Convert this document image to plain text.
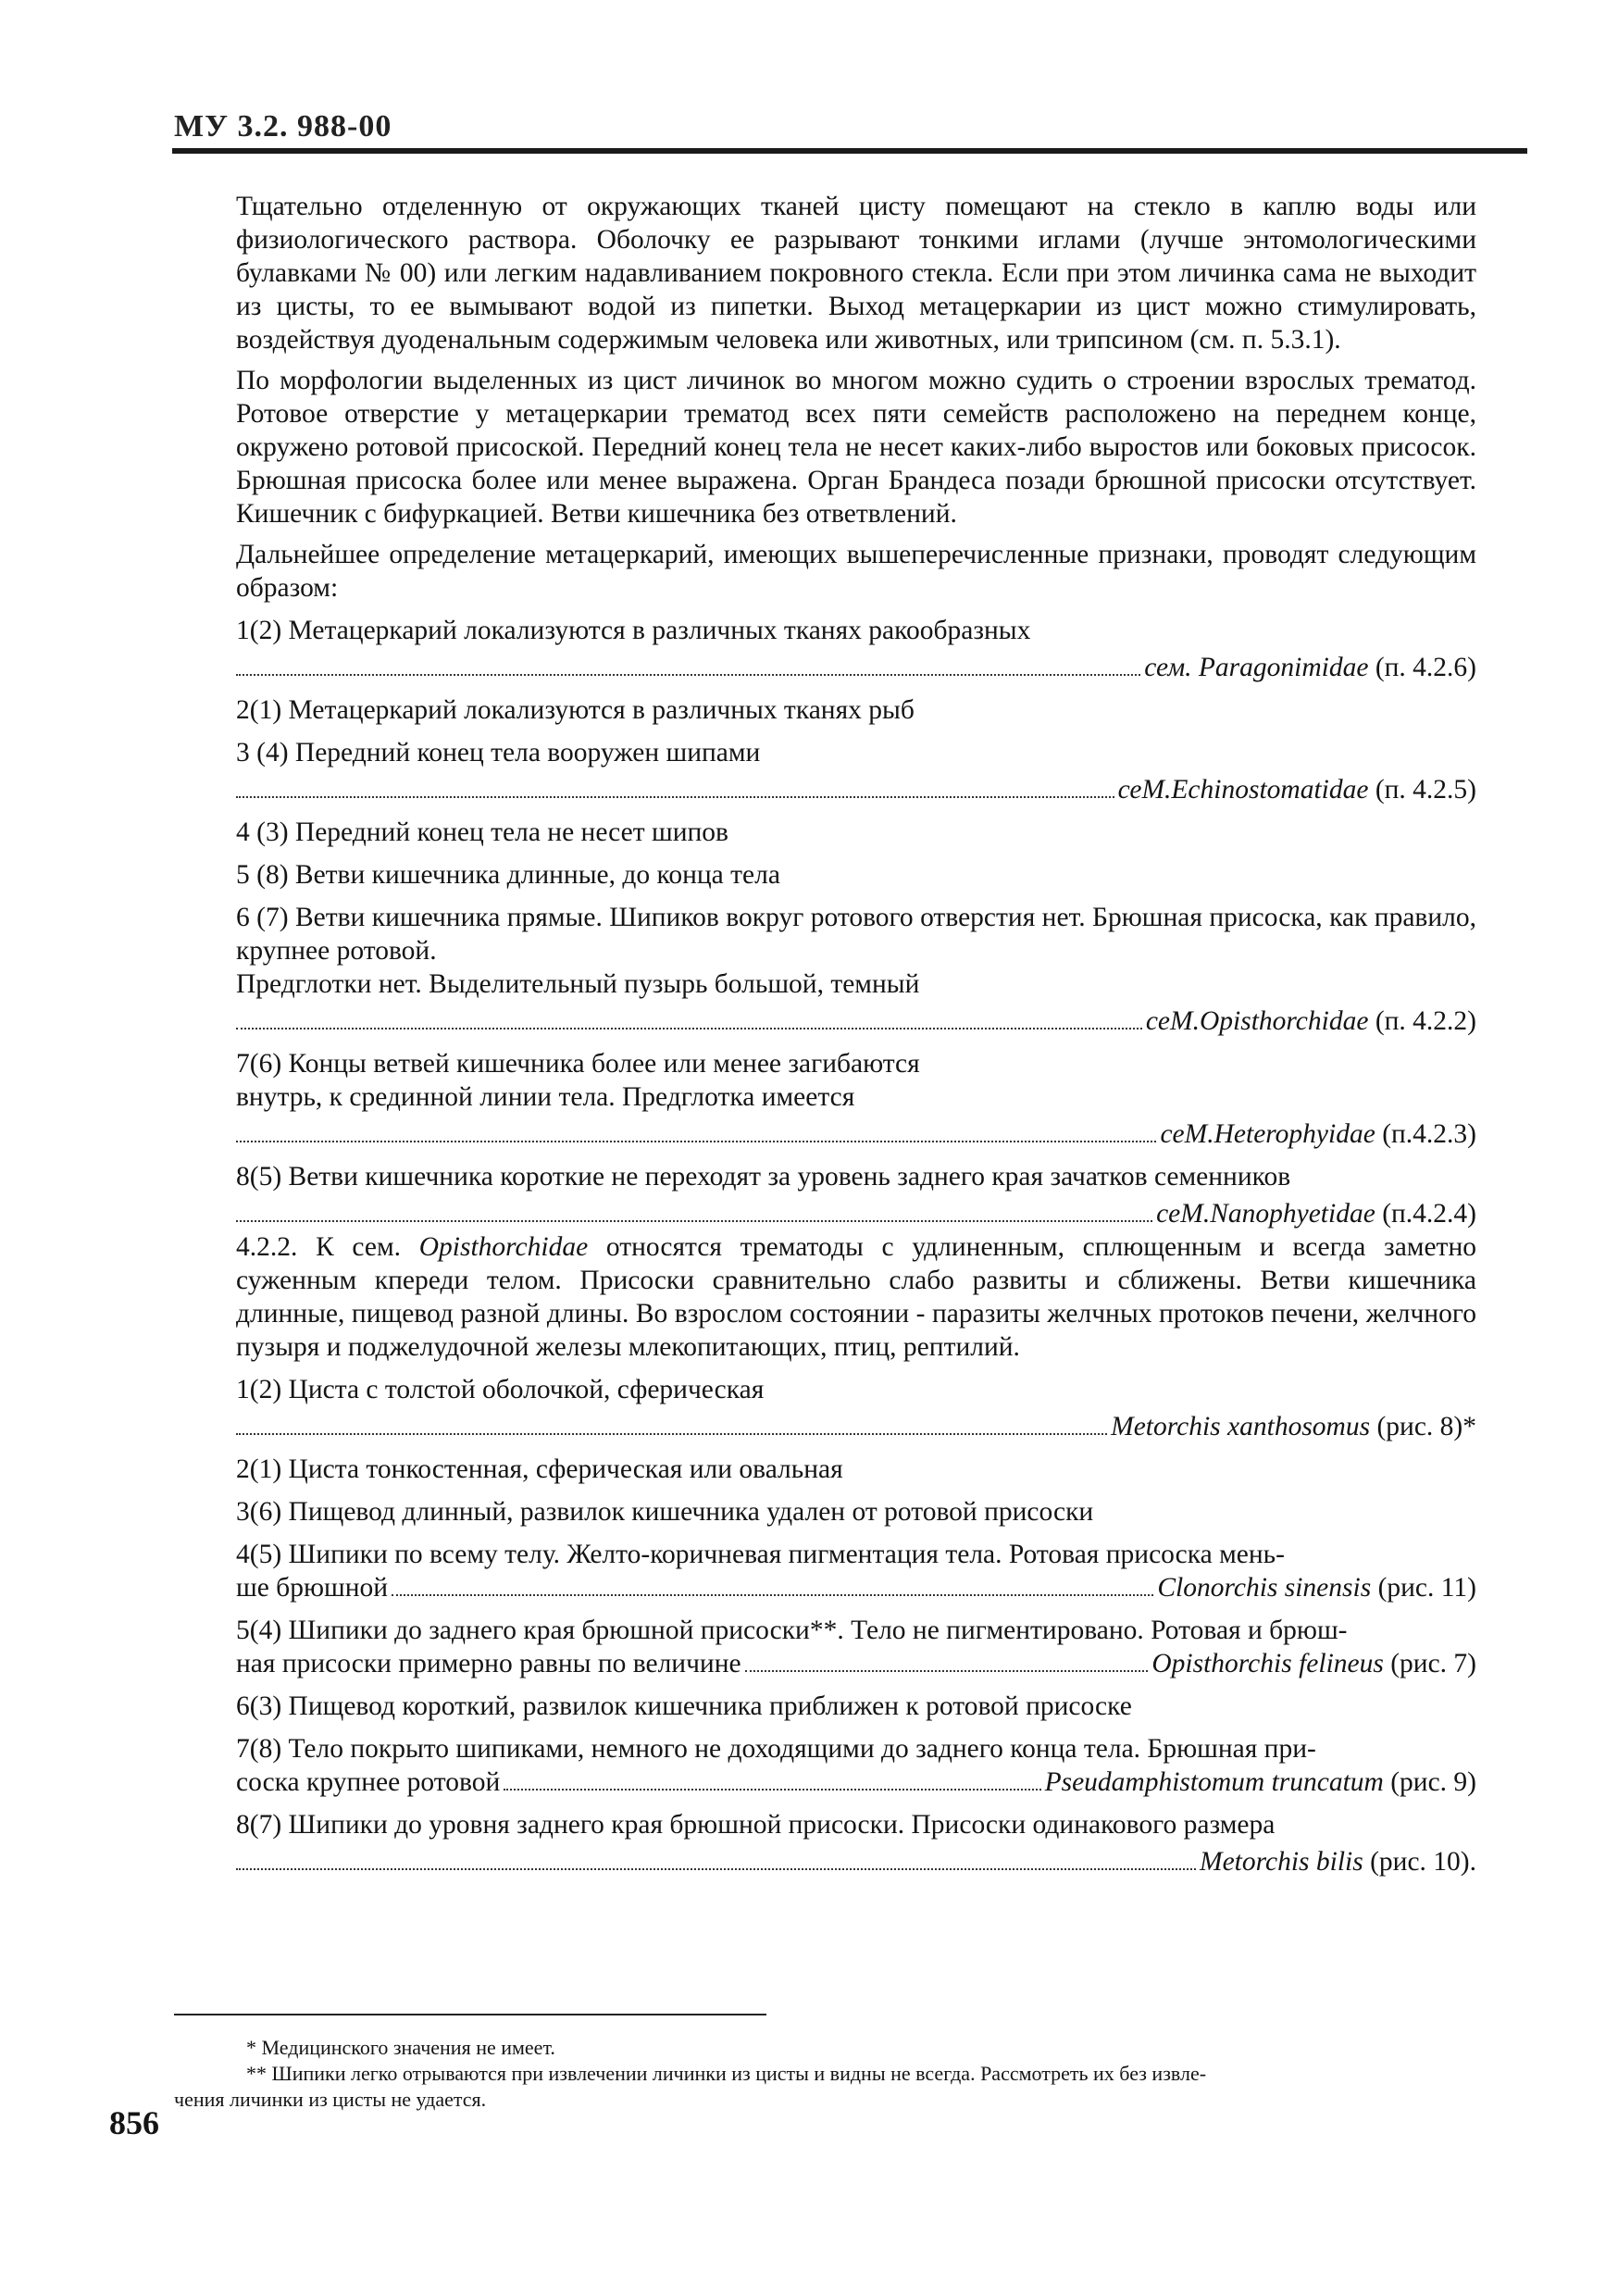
МУ 3.2. 988-00

Тщательно отделенную от окружающих тканей цисту помещают на стекло в каплю воды или физиологического раствора. Оболочку ее разрывают тонкими иглами (лучше энтомологическими булавками № 00) или легким надавливанием покровного стекла. Если при этом личинка сама не выходит из цисты, то ее вымывают водой из пипетки. Выход метацеркарии из цист можно стимулировать, воздействуя дуоденальным содержимым человека или животных, или трипсином (см. п. 5.3.1).

По морфологии выделенных из цист личинок во многом можно судить о строении взрослых трематод. Ротовое отверстие у метацеркарии трематод всех пяти семейств расположено на переднем конце, окружено ротовой присоской. Передний конец тела не несет каких-либо выростов или боковых присосок. Брюшная присоска более или менее выражена. Орган Брандеса позади брюшной присоски отсутствует. Кишечник с бифуркацией. Ветви кишечника без ответвлений.

Дальнейшее определение метацеркарий, имеющих вышеперечисленные признаки, проводят следующим образом:

1(2) Метацеркарий локализуются в различных тканях ракообразных
сем. Paragonimidae (п. 4.2.6)
2(1) Метацеркарий локализуются в различных тканях рыб
3 (4) Передний конец тела вооружен шипами
сеM.Echinostomatidae (п. 4.2.5)
4 (3) Передний конец тела не несет шипов
5 (8) Ветви кишечника длинные, до конца тела
6 (7) Ветви кишечника прямые. Шипиков вокруг ротового отверстия нет. Брюшная присоска, как правило, крупнее ротовой.
Предглотки нет. Выделительный пузырь большой, темный
ceM.Opisthorchidae (п. 4.2.2)
7(6) Концы ветвей кишечника более или менее загибаются
внутрь, к срединной линии тела. Предглотка имеется
ceM.Heterophyidae (п.4.2.3)
8(5) Ветви кишечника короткие не переходят за уровень заднего края зачатков семенников
ceM.Nanophyetidae (п.4.2.4)

4.2.2. К сем. Opisthorchidae относятся трематоды с удлиненным, сплющенным и всегда заметно суженным кпереди телом. Присоски сравнительно слабо развиты и сближены. Ветви кишечника длинные, пищевод разной длины. Во взрослом состоянии - паразиты желчных протоков печени, желчного пузыря и поджелудочной железы млекопитающих, птиц, рептилий.

1(2) Циста с толстой оболочкой, сферическая
Metorchis xanthosomus (рис. 8)*
2(1) Циста тонкостенная, сферическая или овальная
3(6) Пищевод длинный, развилок кишечника удален от ротовой присоски
4(5) Шипики по всему телу. Желто-коричневая пигментация тела. Ротовая присоска мень-
ше брюшной	Clonorchis sinensis (рис. 11)
5(4) Шипики до заднего края брюшной присоски**. Тело не пигментировано. Ротовая и брюш-
ная присоски примерно равны по величине	Opisthorchis felineus (рис. 7)
6(3) Пищевод короткий, развилок кишечника приближен к ротовой присоске
7(8) Тело покрыто шипиками, немного не доходящими до заднего конца тела. Брюшная при-
соска крупнее ротовой	Pseudamphistomum truncatum (рис. 9)
8(7) Шипики до уровня заднего края брюшной присоски. Присоски одинакового размера
Metorchis bilis (рис. 10).

* Медицинского значения не имеет.

** Шипики легко отрываются при извлечении личинки из цисты и видны не всегда. Рассмотреть их без извле-

чения личинки из цисты не удается.

856
